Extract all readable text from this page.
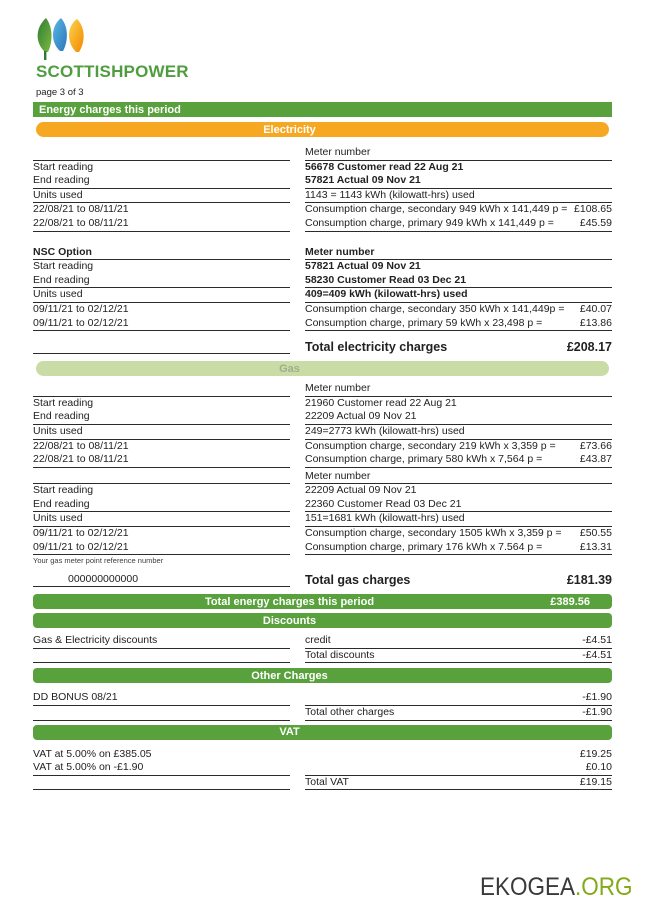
SCOTTISHPOWER
page 3 of 3
Energy charges this period
Electricity
Meter number
Start reading	56678 Customer read 22 Aug 21
End reading	57821 Actual 09 Nov 21
Units used	1143 = 1143 kWh (kilowatt-hrs) used
22/08/21 to 08/11/21	Consumption charge, secondary 949 kWh x 141,449 p = £108.65
22/08/21 to 08/11/21	Consumption charge, primary 949 kWh x 141,449 p =	£45.59
NSC Option	Meter number
Start reading	57821 Actual 09 Nov 21
End reading	58230 Customer Read 03 Dec 21
Units used	409=409 kWh (kilowatt-hrs) used
09/11/21 to 02/12/21	Consumption charge, secondary 350 kWh x 141,449p =	£40.07
09/11/21 to 02/12/21	Consumption charge, primary 59 kWh x 23,498 p =	£13.86
Total electricity charges	£208.17
Gas
Meter number
Start reading	21960 Customer read 22 Aug 21
End reading	22209 Actual 09 Nov 21
Units used	249=2773 kWh (kilowatt-hrs) used
22/08/21 to 08/11/21	Consumption charge, secondary 219 kWh x 3,359 p =	£73.66
22/08/21 to 08/11/21	Consumption charge, primary 580 kWh x 7,564 p =	£43.87
Meter number
Start reading	22209 Actual 09 Nov 21
End reading	22360 Customer Read 03 Dec 21
Units used	151=1681 kWh (kilowatt-hrs) used
09/11/21 to 02/12/21	Consumption charge, secondary 1505 kWh x 3,359 p =	£50.55
09/11/21 to 02/12/21	Consumption charge, primary 176 kWh x 7.564 p =	£13.31
Your gas meter point reference number
000000000000	Total gas charges	£181.39
Total energy charges this period	£389.56
Discounts
Gas & Electricity discounts	credit	-£4.51
Total discounts	-£4.51
Other Charges
DD BONUS 08/21	-£1.90
Total other charges	-£1.90
VAT
VAT at 5.00% on £385.05	£19.25
VAT at 5.00% on -£1.90	£0.10
Total VAT	£19.15
EKOGEA.ORG
